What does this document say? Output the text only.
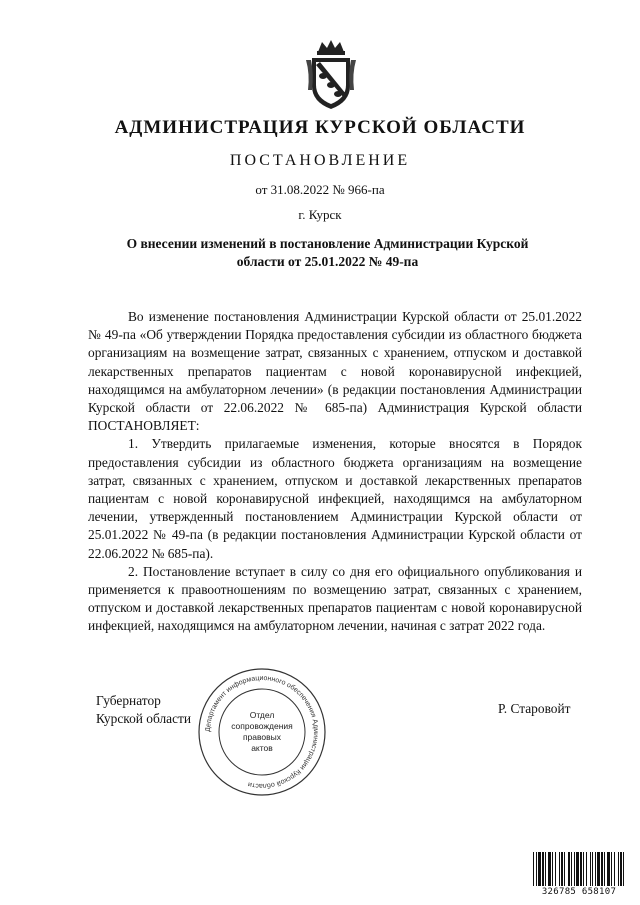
АДМИНИСТРАЦИЯ КУРСКОЙ ОБЛАСТИ
ПОСТАНОВЛЕНИЕ
от 31.08.2022 № 966-па
г. Курск
О внесении изменений в постановление Администрации Курской
области от 25.01.2022 № 49-па

Во изменение постановления Администрации Курской области от 25.01.2022 № 49-па «Об утверждении Порядка предоставления субсидии из областного бюджета организациям на возмещение затрат, связанных с хранением, отпуском и доставкой лекарственных препаратов пациентам с новой коронавирусной инфекцией, находящимся на амбулаторном лечении» (в редакции постановления Администрации Курской области от 22.06.2022 № 685-па) Администрация Курской области ПОСТАНОВЛЯЕТ:

1. Утвердить прилагаемые изменения, которые вносятся в Порядок предоставления субсидии из областного бюджета организациям на возмещение затрат, связанных с хранением, отпуском и доставкой лекарственных препаратов пациентам с новой коронавирусной инфекцией, находящимся на амбулаторном лечении, утвержденный постановлением Администрации Курской области от 25.01.2022 № 49-па (в редакции постановления Администрации Курской области от 22.06.2022 № 685-па).

2. Постановление вступает в силу со дня его официального опубликования и применяется к правоотношениям по возмещению затрат, связанных с хранением, отпуском и доставкой лекарственных препаратов пациентам с новой коронавирусной инфекцией, находящимся на амбулаторном лечении, начиная с затрат 2022 года.

Губернатор
Курской области
Р. Старовойт
Департамент информационного обеспечения Администрации Курской области
Отдел
сопровождения
правовых
актов
326785 658107
